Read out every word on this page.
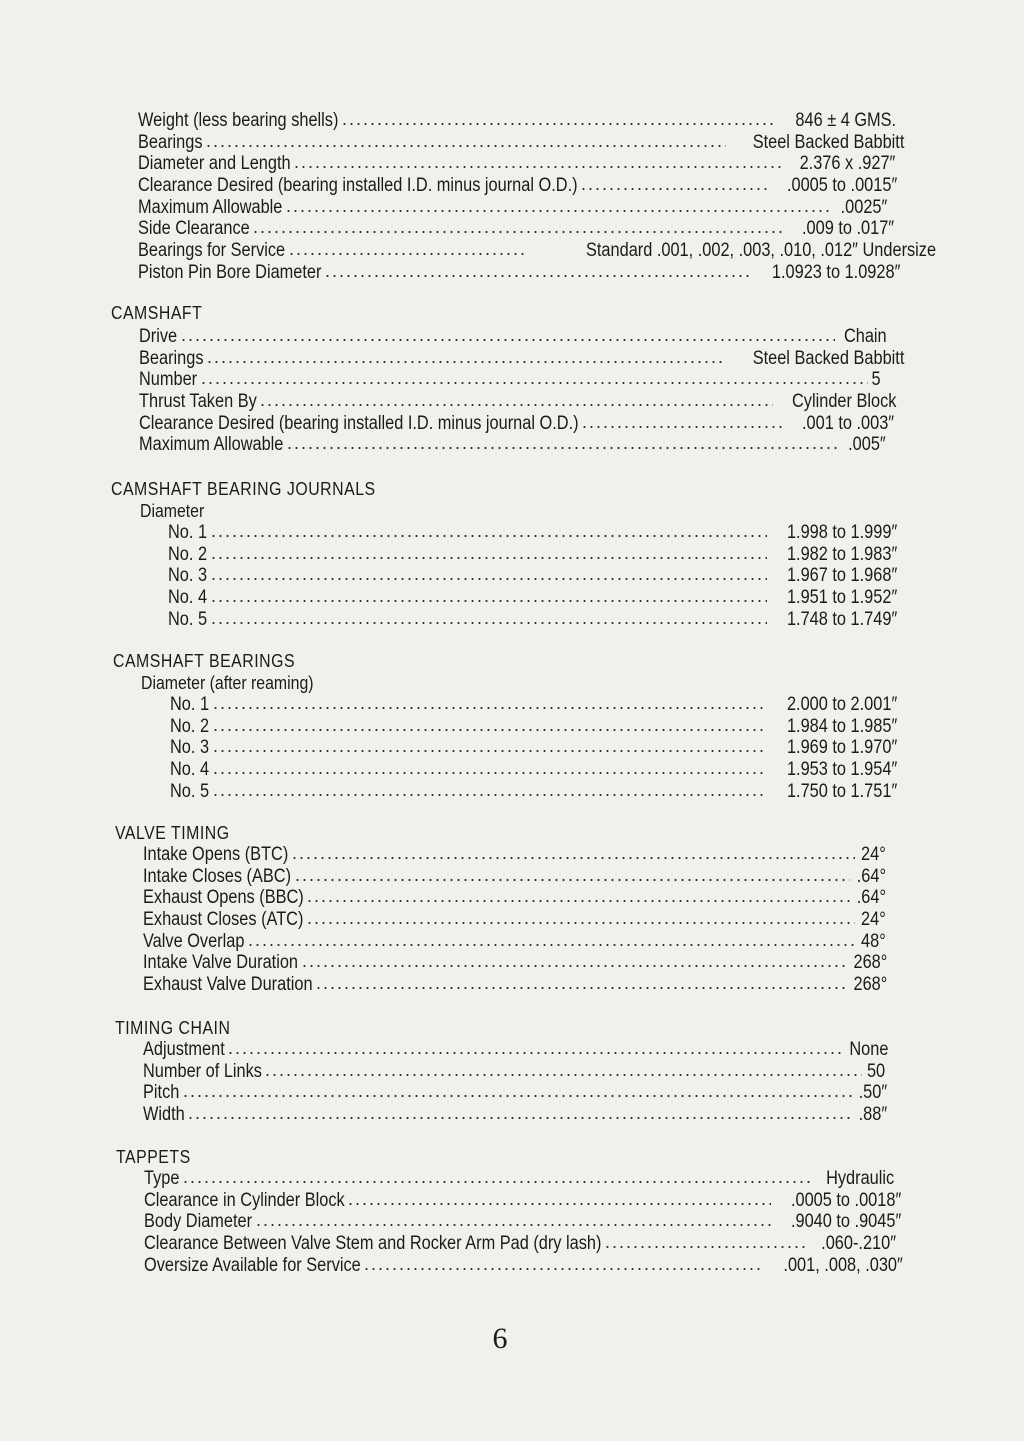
Weight (less bearing shells)	846 ± 4 GMS.
Bearings	Steel Backed Babbitt
Diameter and Length	2.376 x .927″
Clearance Desired (bearing installed I.D. minus journal O.D.)	.0005 to .0015″
Maximum Allowable	.0025″
Side Clearance	.009 to .017″
Bearings for Service	Standard .001, .002, .003, .010, .012″ Undersize
Piston Pin Bore Diameter	1.0923 to 1.0928″
CAMSHAFT
Drive	Chain
Bearings	Steel Backed Babbitt
Number	5
Thrust Taken By	Cylinder Block
Clearance Desired (bearing installed I.D. minus journal O.D.)	.001 to .003″
Maximum Allowable	.005″
CAMSHAFT BEARING JOURNALS
Diameter
No. 1	1.998 to 1.999″
No. 2	1.982 to 1.983″
No. 3	1.967 to 1.968″
No. 4	1.951 to 1.952″
No. 5	1.748 to 1.749″
CAMSHAFT BEARINGS
Diameter (after reaming)
No. 1	2.000 to 2.001″
No. 2	1.984 to 1.985″
No. 3	1.969 to 1.970″
No. 4	1.953 to 1.954″
No. 5	1.750 to 1.751″
VALVE TIMING
Intake Opens (BTC)	24°
Intake Closes (ABC)	.64°
Exhaust Opens (BBC)	.64°
Exhaust Closes (ATC)	24°
Valve Overlap	48°
Intake Valve Duration	268°
Exhaust Valve Duration	268°
TIMING CHAIN
Adjustment	None
Number of Links	50
Pitch	.50″
Width	.88″
TAPPETS
Type	Hydraulic
Clearance in Cylinder Block	.0005 to .0018″
Body Diameter	.9040 to .9045″
Clearance Between Valve Stem and Rocker Arm Pad (dry lash)	.060-.210″
Oversize Available for Service	.001, .008, .030″
6
